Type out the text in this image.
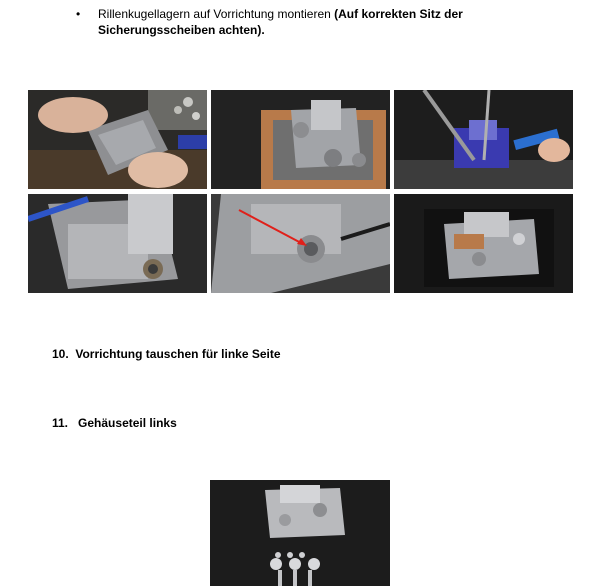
• Rillenkugellagern auf Vorrichtung montieren (Auf korrekten Sitz der Sicherungsscheiben achten).
10. Vorrichtung tauschen für linke Seite
11. Gehäuseteil links
